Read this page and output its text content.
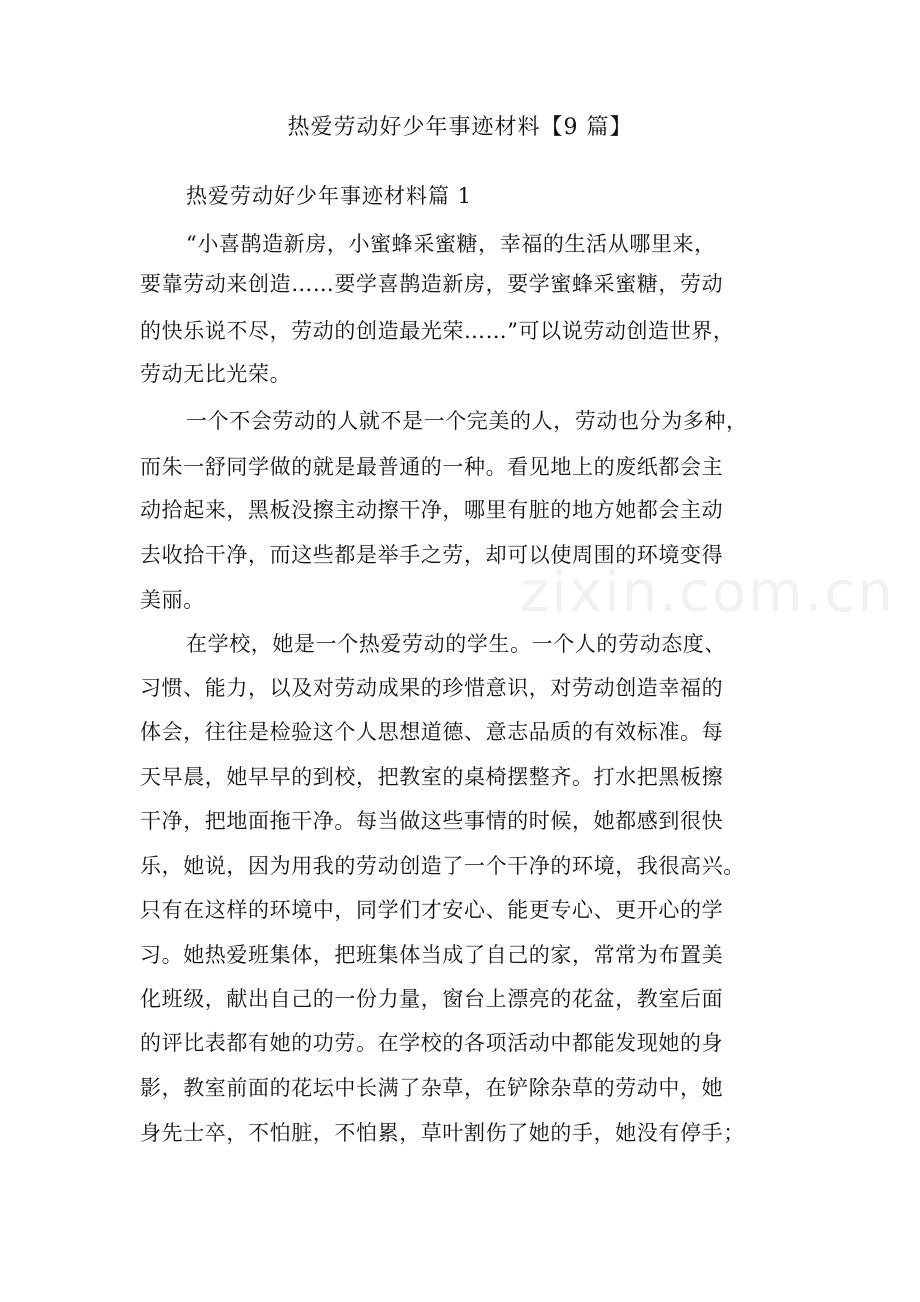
zixin.com.cn
热爱劳动好少年事迹材料【9 篇】
热爱劳动好少年事迹材料篇 1
“小喜鹊造新房，小蜜蜂采蜜糖，幸福的生活从哪里来，
要靠劳动来创造……要学喜鹊造新房，要学蜜蜂采蜜糖，劳动
的快乐说不尽，劳动的创造最光荣……”可以说劳动创造世界，
劳动无比光荣。
一个不会劳动的人就不是一个完美的人，劳动也分为多种，
而朱一舒同学做的就是最普通的一种。看见地上的废纸都会主
动拾起来，黑板没擦主动擦干净，哪里有脏的地方她都会主动
去收拾干净，而这些都是举手之劳，却可以使周围的环境变得
美丽。
在学校，她是一个热爱劳动的学生。一个人的劳动态度、
习惯、能力，以及对劳动成果的珍惜意识，对劳动创造幸福的
体会，往往是检验这个人思想道德、意志品质的有效标准。每
天早晨，她早早的到校，把教室的桌椅摆整齐。打水把黑板擦
干净，把地面拖干净。每当做这些事情的时候，她都感到很快
乐，她说，因为用我的劳动创造了一个干净的环境，我很高兴。
只有在这样的环境中，同学们才安心、能更专心、更开心的学
习。她热爱班集体，把班集体当成了自己的家，常常为布置美
化班级，献出自己的一份力量，窗台上漂亮的花盆，教室后面
的评比表都有她的功劳。在学校的各项活动中都能发现她的身
影，教室前面的花坛中长满了杂草，在铲除杂草的劳动中，她
身先士卒，不怕脏，不怕累，草叶割伤了她的手，她没有停手；
